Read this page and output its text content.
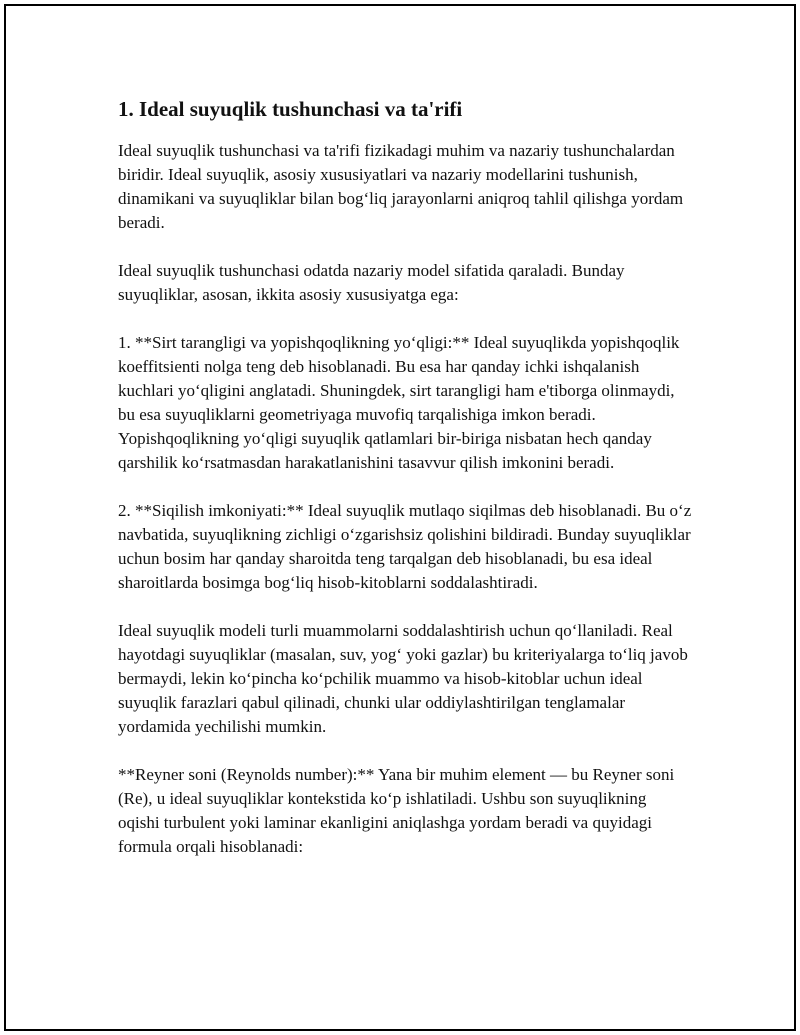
1. Ideal suyuqlik tushunchasi va ta'rifi

Ideal suyuqlik tushunchasi va ta'rifi fizikadagi muhim va nazariy tushunchalardan biridir. Ideal suyuqlik, asosiy xususiyatlari va nazariy modellarini tushunish, dinamikani va suyuqliklar bilan bog‘liq jarayonlarni aniqroq tahlil qilishga yordam beradi.

Ideal suyuqlik tushunchasi odatda nazariy model sifatida qaraladi. Bunday suyuqliklar, asosan, ikkita asosiy xususiyatga ega:

1. **Sirt tarangligi va yopishqoqlikning yo‘qligi:** Ideal suyuqlikda yopishqoqlik koeffitsienti nolga teng deb hisoblanadi. Bu esa har qanday ichki ishqalanish kuchlari yo‘qligini anglatadi. Shuningdek, sirt tarangligi ham e'tiborga olinmaydi, bu esa suyuqliklarni geometriyaga muvofiq tarqalishiga imkon beradi. Yopishqoqlikning yo‘qligi suyuqlik qatlamlari bir-biriga nisbatan hech qanday qarshilik ko‘rsatmasdan harakatlanishini tasavvur qilish imkonini beradi.

2. **Siqilish imkoniyati:** Ideal suyuqlik mutlaqo siqilmas deb hisoblanadi. Bu o‘z navbatida, suyuqlikning zichligi o‘zgarishsiz qolishini bildiradi. Bunday suyuqliklar uchun bosim har qanday sharoitda teng tarqalgan deb hisoblanadi, bu esa ideal sharoitlarda bosimga bog‘liq hisob-kitoblarni soddalashtiradi.

Ideal suyuqlik modeli turli muammolarni soddalashtirish uchun qo‘llaniladi. Real hayotdagi suyuqliklar (masalan, suv, yog‘ yoki gazlar) bu kriteriyalarga to‘liq javob bermaydi, lekin ko‘pincha ko‘pchilik muammo va hisob-kitoblar uchun ideal suyuqlik farazlari qabul qilinadi, chunki ular oddiylashtirilgan tenglamalar yordamida yechilishi mumkin.

**Reyner soni (Reynolds number):** Yana bir muhim element — bu Reyner soni (Re), u ideal suyuqliklar kontekstida ko‘p ishlatiladi. Ushbu son suyuqlikning oqishi turbulent yoki laminar ekanligini aniqlashga yordam beradi va quyidagi formula orqali hisoblanadi:
